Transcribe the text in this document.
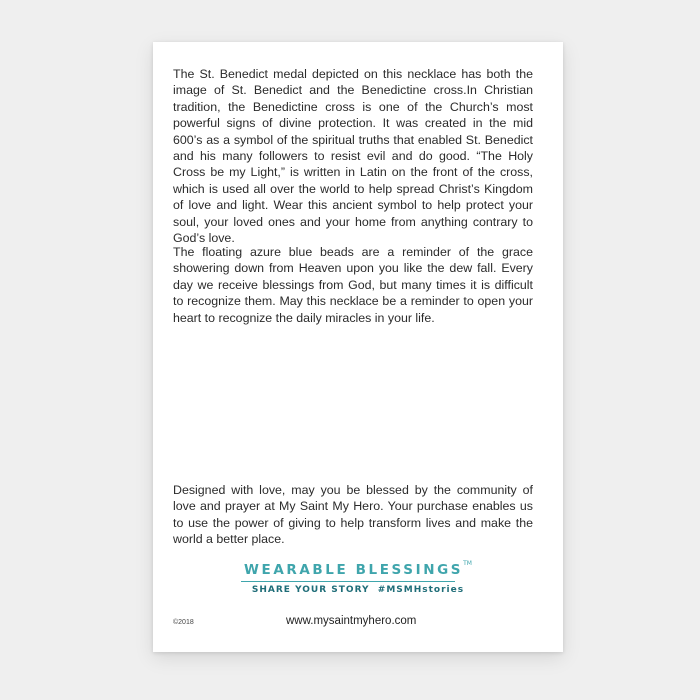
The St. Benedict medal depicted on this necklace has both the image of St. Benedict and the Benedictine cross.In Christian tradition, the Benedictine cross is one of the Church’s most powerful signs of divine protection. It was created in the mid 600’s as a symbol of the spiritual truths that enabled St. Benedict and his many followers to resist evil and do good. “The Holy Cross be my Light,” is written in Latin on the front of the cross, which is used all over the world to help spread Christ’s Kingdom of love and light. Wear this ancient symbol to help protect your soul, your loved ones and your home from anything contrary to God’s love.

The floating azure blue beads are a reminder of the grace showering down from Heaven upon you like the dew fall. Every day we receive blessings from God, but many times it is difficult to recognize them. May this necklace be a reminder to open your heart to recognize the daily miracles in your life.

Designed with love, may you be blessed by the community of love and prayer at My Saint My Hero. Your purchase enables us to use the power of giving to help transform lives and make the world a better place.

WEARABLE BLESSINGS™
SHARE YOUR STORY  #MSMHstories
©2018	www.mysaintmyhero.com
